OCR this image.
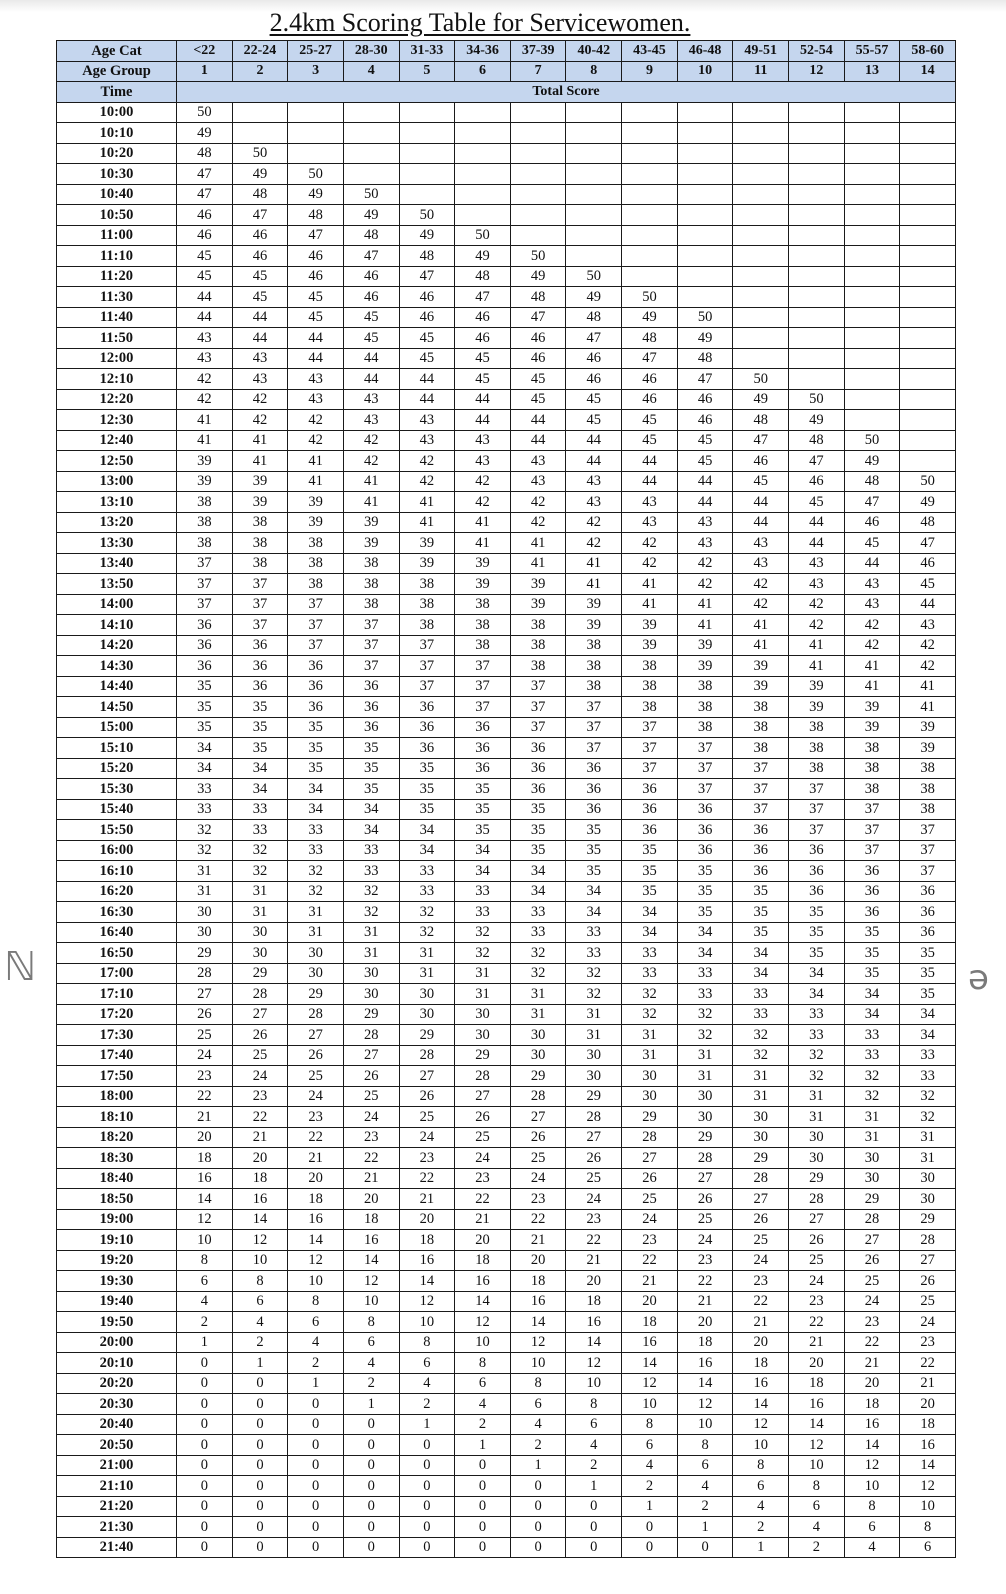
2.4km Scoring Table for Servicewomen.
Age Cat	<22	22-24	25-27	28-30	31-33	34-36	37-39	40-42	43-45	46-48	49-51	52-54	55-57	58-60
Age Group	1	2	3	4	5	6	7	8	9	10	11	12	13	14
Time	Total Score													
10:00	50													
10:10	49													
10:20	48	50												
10:30	47	49	50											
10:40	47	48	49	50										
10:50	46	47	48	49	50									
11:00	46	46	47	48	49	50								
11:10	45	46	46	47	48	49	50							
11:20	45	45	46	46	47	48	49	50						
11:30	44	45	45	46	46	47	48	49	50					
11:40	44	44	45	45	46	46	47	48	49	50				
11:50	43	44	44	45	45	46	46	47	48	49				
12:00	43	43	44	44	45	45	46	46	47	48				
12:10	42	43	43	44	44	45	45	46	46	47	50			
12:20	42	42	43	43	44	44	45	45	46	46	49	50		
12:30	41	42	42	43	43	44	44	45	45	46	48	49		
12:40	41	41	42	42	43	43	44	44	45	45	47	48	50	
12:50	39	41	41	42	42	43	43	44	44	45	46	47	49	
13:00	39	39	41	41	42	42	43	43	44	44	45	46	48	50
13:10	38	39	39	41	41	42	42	43	43	44	44	45	47	49
13:20	38	38	39	39	41	41	42	42	43	43	44	44	46	48
13:30	38	38	38	39	39	41	41	42	42	43	43	44	45	47
13:40	37	38	38	38	39	39	41	41	42	42	43	43	44	46
13:50	37	37	38	38	38	39	39	41	41	42	42	43	43	45
14:00	37	37	37	38	38	38	39	39	41	41	42	42	43	44
14:10	36	37	37	37	38	38	38	39	39	41	41	42	42	43
14:20	36	36	37	37	37	38	38	38	39	39	41	41	42	42
14:30	36	36	36	37	37	37	38	38	38	39	39	41	41	42
14:40	35	36	36	36	37	37	37	38	38	38	39	39	41	41
14:50	35	35	36	36	36	37	37	37	38	38	38	39	39	41
15:00	35	35	35	36	36	36	37	37	37	38	38	38	39	39
15:10	34	35	35	35	36	36	36	37	37	37	38	38	38	39
15:20	34	34	35	35	35	36	36	36	37	37	37	38	38	38
15:30	33	34	34	35	35	35	36	36	36	37	37	37	38	38
15:40	33	33	34	34	35	35	35	36	36	36	37	37	37	38
15:50	32	33	33	34	34	35	35	35	36	36	36	37	37	37
16:00	32	32	33	33	34	34	35	35	35	36	36	36	37	37
16:10	31	32	32	33	33	34	34	35	35	35	36	36	36	37
16:20	31	31	32	32	33	33	34	34	35	35	35	36	36	36
16:30	30	31	31	32	32	33	33	34	34	35	35	35	36	36
16:40	30	30	31	31	32	32	33	33	34	34	35	35	35	36
16:50	29	30	30	31	31	32	32	33	33	34	34	35	35	35
17:00	28	29	30	30	31	31	32	32	33	33	34	34	35	35
17:10	27	28	29	30	30	31	31	32	32	33	33	34	34	35
17:20	26	27	28	29	30	30	31	31	32	32	33	33	34	34
17:30	25	26	27	28	29	30	30	31	31	32	32	33	33	34
17:40	24	25	26	27	28	29	30	30	31	31	32	32	33	33
17:50	23	24	25	26	27	28	29	30	30	31	31	32	32	33
18:00	22	23	24	25	26	27	28	29	30	30	31	31	32	32
18:10	21	22	23	24	25	26	27	28	29	30	30	31	31	32
18:20	20	21	22	23	24	25	26	27	28	29	30	30	31	31
18:30	18	20	21	22	23	24	25	26	27	28	29	30	30	31
18:40	16	18	20	21	22	23	24	25	26	27	28	29	30	30
18:50	14	16	18	20	21	22	23	24	25	26	27	28	29	30
19:00	12	14	16	18	20	21	22	23	24	25	26	27	28	29
19:10	10	12	14	16	18	20	21	22	23	24	25	26	27	28
19:20	8	10	12	14	16	18	20	21	22	23	24	25	26	27
19:30	6	8	10	12	14	16	18	20	21	22	23	24	25	26
19:40	4	6	8	10	12	14	16	18	20	21	22	23	24	25
19:50	2	4	6	8	10	12	14	16	18	20	21	22	23	24
20:00	1	2	4	6	8	10	12	14	16	18	20	21	22	23
20:10	0	1	2	4	6	8	10	12	14	16	18	20	21	22
20:20	0	0	1	2	4	6	8	10	12	14	16	18	20	21
20:30	0	0	0	1	2	4	6	8	10	12	14	16	18	20
20:40	0	0	0	0	1	2	4	6	8	10	12	14	16	18
20:50	0	0	0	0	0	1	2	4	6	8	10	12	14	16
21:00	0	0	0	0	0	0	1	2	4	6	8	10	12	14
21:10	0	0	0	0	0	0	0	1	2	4	6	8	10	12
21:20	0	0	0	0	0	0	0	0	1	2	4	6	8	10
21:30	0	0	0	0	0	0	0	0	0	1	2	4	6	8
21:40	0	0	0	0	0	0	0	0	0	0	1	2	4	6
ℕ	ə
